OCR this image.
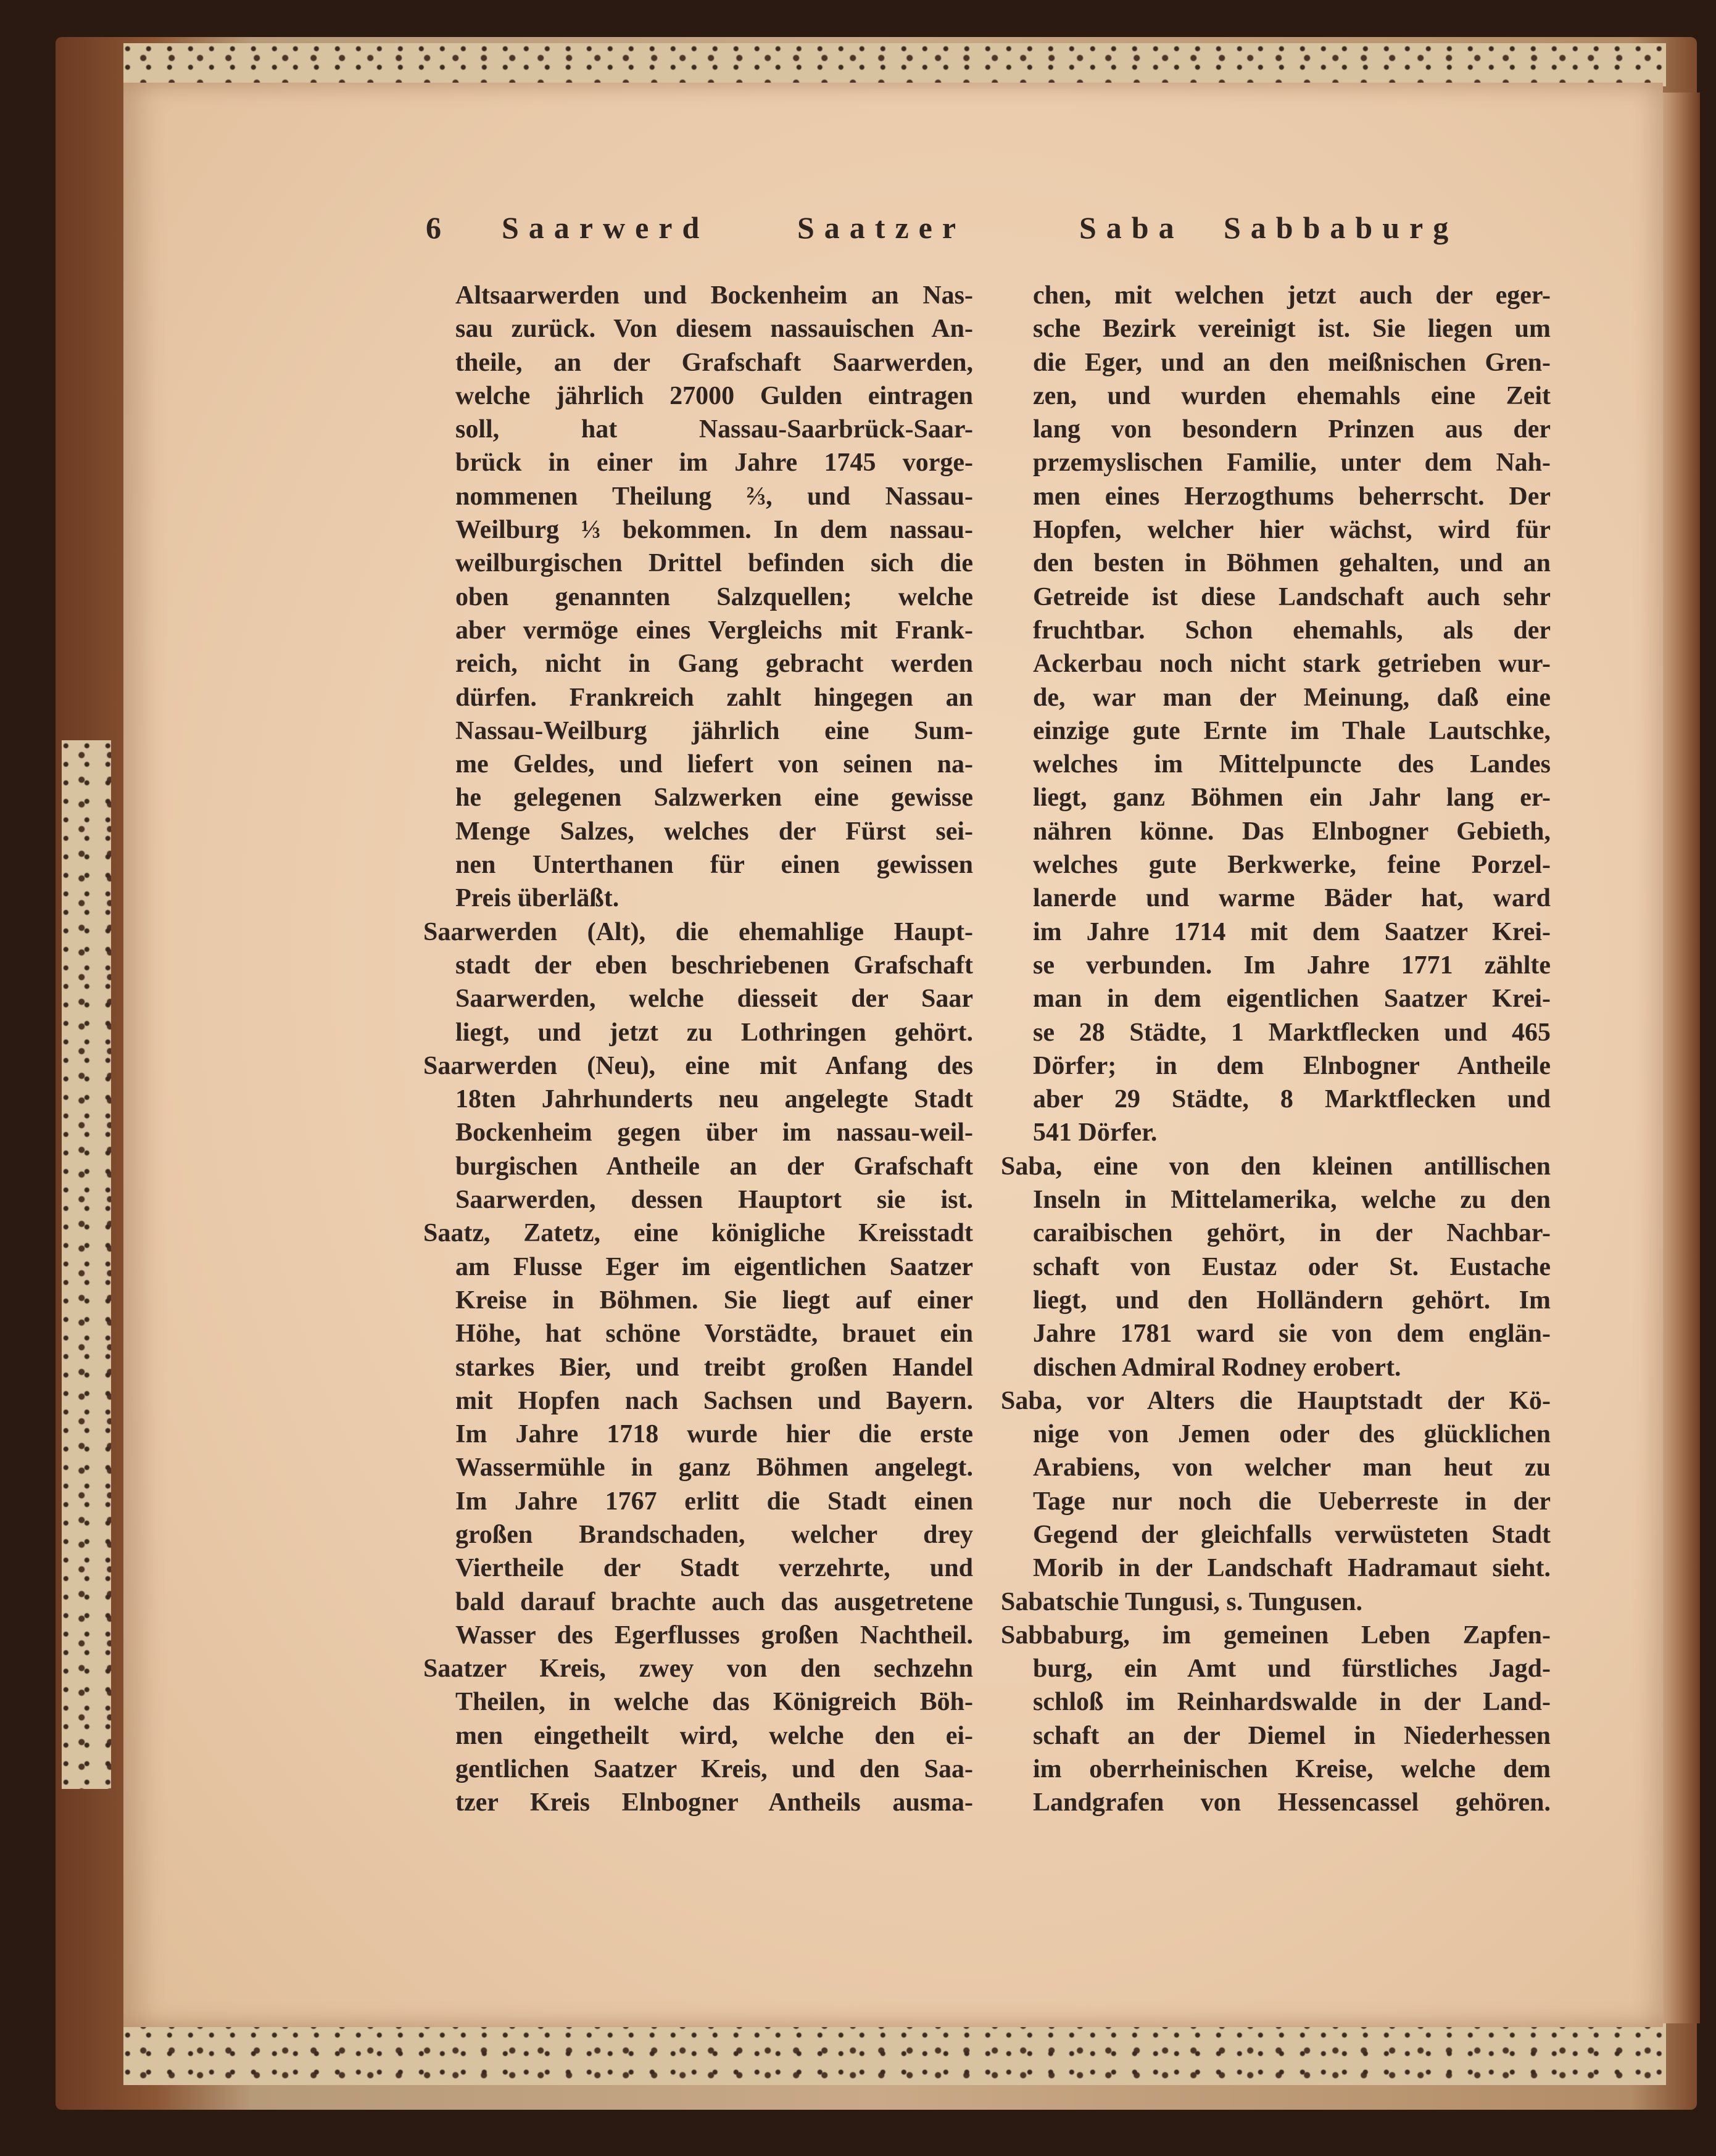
6 Saarwerd	Saatzer	Saba Sabbaburg
Altsaarwerden und Bockenheim an Nas-
sau zurück. Von diesem nassauischen An-
theile, an der Grafschaft Saarwerden,
welche jährlich 27000 Gulden eintragen
soll, hat Nassau-Saarbrück-Saar-
brück in einer im Jahre 1745 vorge-
nommenen Theilung ⅔, und Nassau-
Weilburg ⅓ bekommen. In dem nassau-
weilburgischen Drittel befinden sich die
oben genannten Salzquellen; welche
aber vermöge eines Vergleichs mit Frank-
reich, nicht in Gang gebracht werden
dürfen. Frankreich zahlt hingegen an
Nassau-Weilburg jährlich eine Sum-
me Geldes, und liefert von seinen na-
he gelegenen Salzwerken eine gewisse
Menge Salzes, welches der Fürst sei-
nen Unterthanen für einen gewissen
Preis überläßt.
Saarwerden (Alt), die ehemahlige Haupt-
stadt der eben beschriebenen Grafschaft
Saarwerden, welche diesseit der Saar
liegt, und jetzt zu Lothringen gehört.
Saarwerden (Neu), eine mit Anfang des
18ten Jahrhunderts neu angelegte Stadt
Bockenheim gegen über im nassau-weil-
burgischen Antheile an der Grafschaft
Saarwerden, dessen Hauptort sie ist.
Saatz, Zatetz, eine königliche Kreisstadt
am Flusse Eger im eigentlichen Saatzer
Kreise in Böhmen. Sie liegt auf einer
Höhe, hat schöne Vorstädte, brauet ein
starkes Bier, und treibt großen Handel
mit Hopfen nach Sachsen und Bayern.
Im Jahre 1718 wurde hier die erste
Wassermühle in ganz Böhmen angelegt.
Im Jahre 1767 erlitt die Stadt einen
großen Brandschaden, welcher drey
Viertheile der Stadt verzehrte, und
bald darauf brachte auch das ausgetretene
Wasser des Egerflusses großen Nachtheil.
Saatzer Kreis, zwey von den sechzehn
Theilen, in welche das Königreich Böh-
men eingetheilt wird, welche den ei-
gentlichen Saatzer Kreis, und den Saa-
tzer Kreis Elnbogner Antheils ausma-
chen, mit welchen jetzt auch der eger-
sche Bezirk vereinigt ist. Sie liegen um
die Eger, und an den meißnischen Gren-
zen, und wurden ehemahls eine Zeit
lang von besondern Prinzen aus der
przemyslischen Familie, unter dem Nah-
men eines Herzogthums beherrscht. Der
Hopfen, welcher hier wächst, wird für
den besten in Böhmen gehalten, und an
Getreide ist diese Landschaft auch sehr
fruchtbar. Schon ehemahls, als der
Ackerbau noch nicht stark getrieben wur-
de, war man der Meinung, daß eine
einzige gute Ernte im Thale Lautschke,
welches im Mittelpuncte des Landes
liegt, ganz Böhmen ein Jahr lang er-
nähren könne. Das Elnbogner Gebieth,
welches gute Berkwerke, feine Porzel-
lanerde und warme Bäder hat, ward
im Jahre 1714 mit dem Saatzer Krei-
se verbunden. Im Jahre 1771 zählte
man in dem eigentlichen Saatzer Krei-
se 28 Städte, 1 Marktflecken und 465
Dörfer; in dem Elnbogner Antheile
aber 29 Städte, 8 Marktflecken und
541 Dörfer.
Saba, eine von den kleinen antillischen
Inseln in Mittelamerika, welche zu den
caraibischen gehört, in der Nachbar-
schaft von Eustaz oder St. Eustache
liegt, und den Holländern gehört. Im
Jahre 1781 ward sie von dem englän-
dischen Admiral Rodney erobert.
Saba, vor Alters die Hauptstadt der Kö-
nige von Jemen oder des glücklichen
Arabiens, von welcher man heut zu
Tage nur noch die Ueberreste in der
Gegend der gleichfalls verwüsteten Stadt
Morib in der Landschaft Hadramaut sieht.
Sabatschie Tungusi, s. Tungusen.
Sabbaburg, im gemeinen Leben Zapfen-
burg, ein Amt und fürstliches Jagd-
schloß im Reinhardswalde in der Land-
schaft an der Diemel in Niederhessen
im oberrheinischen Kreise, welche dem
Landgrafen von Hessencassel gehören.
